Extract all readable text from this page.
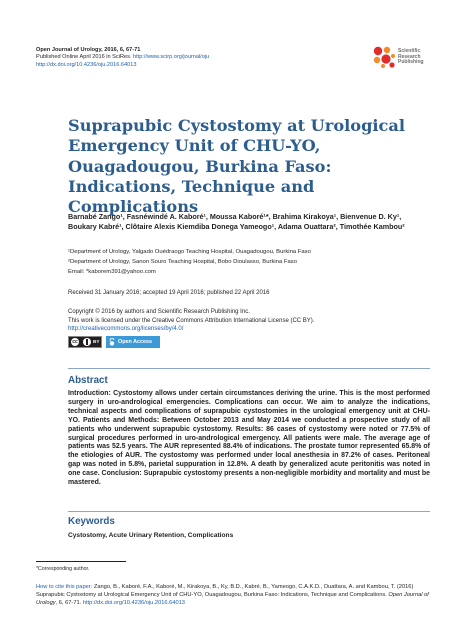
Open Journal of Urology, 2016, 6, 67-71
Published Online April 2016 in SciRes. http://www.scirp.org/journal/oju
http://dx.doi.org/10.4236/oju.2016.64013
Scientific
Research
Publishing
Suprapubic Cystostomy at Urological Emergency Unit of CHU-YO, Ouagadougou, Burkina Faso: Indications, Technique and Complications
Barnabé Zango¹, Fasnéwindé A. Kaboré¹, Moussa Kaboré¹*, Brahima Kirakoya¹, Bienvenue D. Ky¹, Boukary Kabré¹, Clôtaire Alexis Kiemdiba Donega Yameogo¹, Adama Ouattara², Timothée Kambou²
¹Department of Urology, Yalgado Ouédraogo Teaching Hospital, Ouagadougou, Burkina Faso
²Department of Urology, Sanon Souro Teaching Hospital, Bobo Dioulasso, Burkina Faso
Email: *kaborem391@yahoo.com
Received 31 January 2016; accepted 19 April 2016; published 22 April 2016
Copyright © 2016 by authors and Scientific Research Publishing Inc.
This work is licensed under the Creative Commons Attribution International License (CC BY).
http://creativecommons.org/licenses/by/4.0/
cc	BY	Open Access
Abstract

Introduction: Cystostomy allows under certain circumstances deriving the urine. This is the most performed surgery in uro-andrological emergencies. Complications can occur. We aim to analyze the indications, technical aspects and complications of suprapubic cystostomies in the urological emergency unit at CHU-YO. Patients and Methods: Between October 2013 and May 2014 we conducted a prospective study of all patients who underwent suprapubic cystostomy. Results: 86 cases of cystostomy were noted or 77.5% of surgical procedures performed in uro-andrological emergency. All patients were male. The average age of patients was 52.5 years. The AUR represented 88.4% of indications. The prostate tumor represented 65.8% of the etiologies of AUR. The cystostomy was performed under local anesthesia in 87.2% of cases. Peritoneal gap was noted in 5.8%, parietal suppuration in 12.8%. A death by generalized acute peritonitis was noted in one case. Conclusion: Suprapubic cystostomy presents a non-negligible morbidity and mortality and must be mastered.

Keywords
Cystostomy, Acute Urinary Retention, Complications
*Corresponding author.
How to cite this paper: Zango, B., Kaboré, F.A., Kaboré, M., Kirakoya, B., Ky, B.D., Kabré, B., Yameogo, C.A.K.D., Ouattara, A. and Kambou, T. (2016) Suprapubic Cystostomy at Urological Emergency Unit of CHU-YO, Ouagadougou, Burkina Faso: Indications, Technique and Complications. Open Journal of Urology, 6, 67-71. http://dx.doi.org/10.4236/oju.2016.64013
